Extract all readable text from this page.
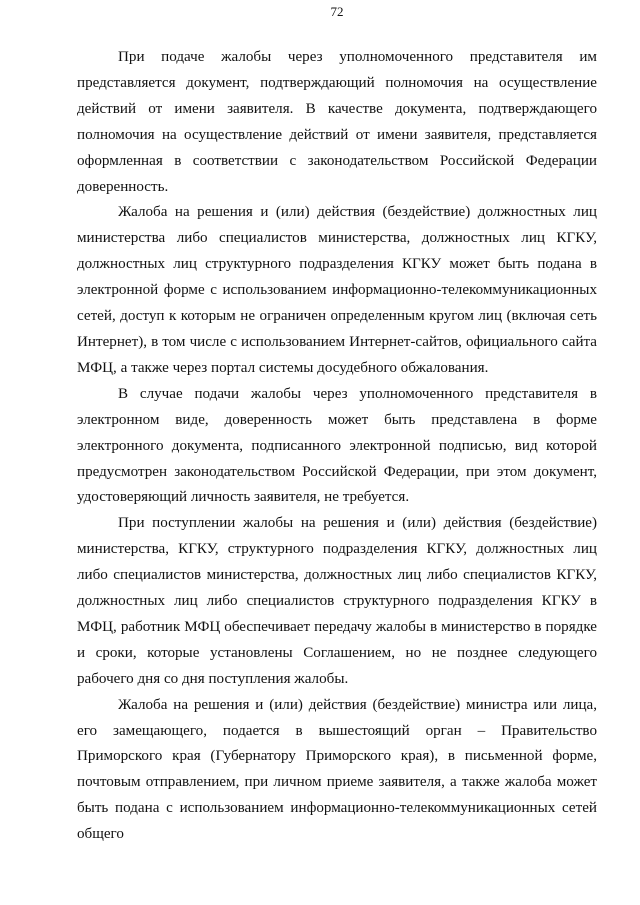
72

При подаче жалобы через уполномоченного представителя им представляется документ, подтверждающий полномочия на осуществление действий от имени заявителя. В качестве документа, подтверждающего полномочия на осуществление действий от имени заявителя, представляется оформленная в соответствии с законодательством Российской Федерации доверенность.

Жалоба на решения и (или) действия (бездействие) должностных лиц министерства либо специалистов министерства, должностных лиц КГКУ, должностных лиц структурного подразделения КГКУ может быть подана в электронной форме с использованием информационно-телекоммуникационных сетей, доступ к которым не ограничен определенным кругом лиц (включая сеть Интернет), в том числе с использованием Интернет-сайтов, официального сайта МФЦ, а также через портал системы досудебного обжалования.

В случае подачи жалобы через уполномоченного представителя в электронном виде, доверенность может быть представлена в форме электронного документа, подписанного электронной подписью, вид которой предусмотрен законодательством Российской Федерации, при этом документ, удостоверяющий личность заявителя, не требуется.

При поступлении жалобы на решения и (или) действия (бездействие) министерства, КГКУ, структурного подразделения КГКУ, должностных лиц либо специалистов министерства, должностных лиц либо специалистов КГКУ, должностных лиц либо специалистов структурного подразделения КГКУ в МФЦ, работник МФЦ обеспечивает передачу жалобы в министерство в порядке и сроки, которые установлены Соглашением, но не позднее следующего рабочего дня со дня поступления жалобы.

Жалоба на решения и (или) действия (бездействие) министра или лица, его замещающего, подается в вышестоящий орган – Правительство Приморского края (Губернатору Приморского края), в письменной форме, почтовым отправлением, при личном приеме заявителя, а также жалоба может быть подана с использованием информационно-телекоммуникационных сетей общего
